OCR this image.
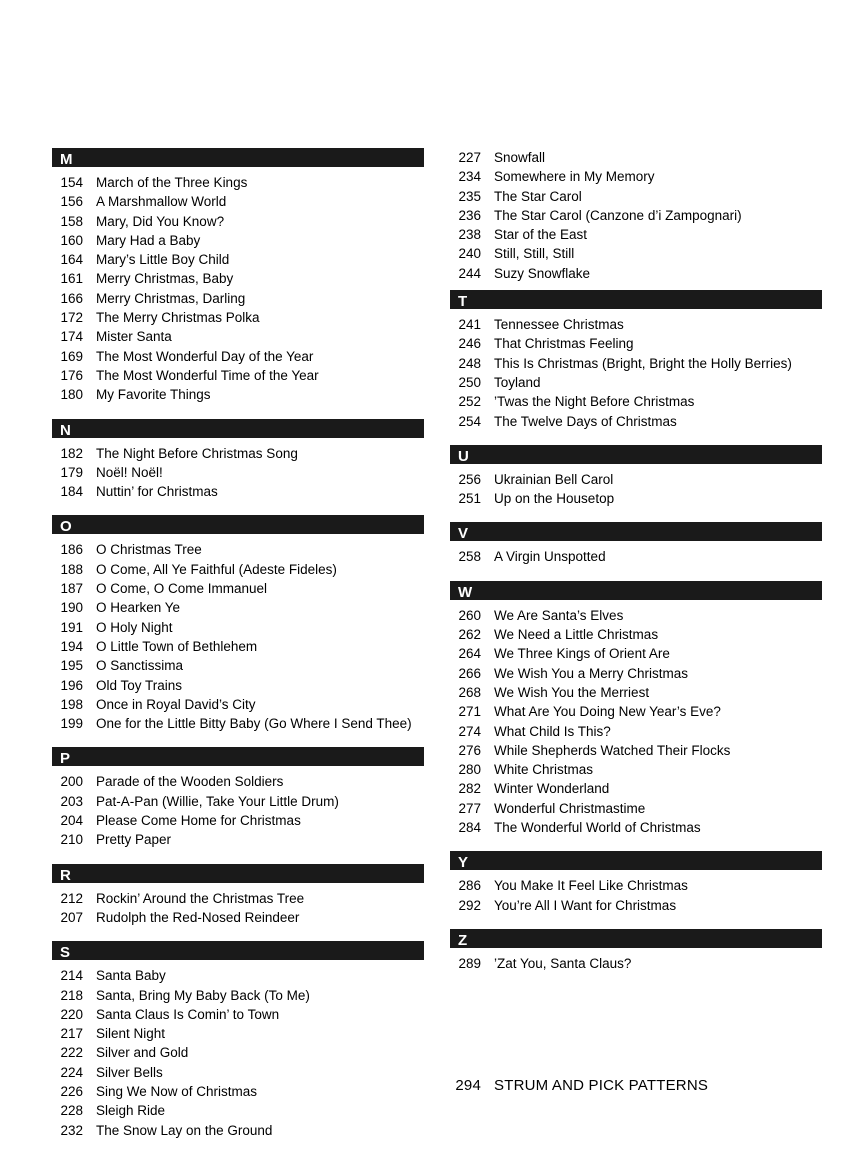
M
154 March of the Three Kings
156 A Marshmallow World
158 Mary, Did You Know?
160 Mary Had a Baby
164 Mary’s Little Boy Child
161 Merry Christmas, Baby
166 Merry Christmas, Darling
172 The Merry Christmas Polka
174 Mister Santa
169 The Most Wonderful Day of the Year
176 The Most Wonderful Time of the Year
180 My Favorite Things
N
182 The Night Before Christmas Song
179 Noël! Noël!
184 Nuttin’ for Christmas
O
186 O Christmas Tree
188 O Come, All Ye Faithful (Adeste Fideles)
187 O Come, O Come Immanuel
190 O Hearken Ye
191 O Holy Night
194 O Little Town of Bethlehem
195 O Sanctissima
196 Old Toy Trains
198 Once in Royal David’s City
199 One for the Little Bitty Baby (Go Where I Send Thee)
P
200 Parade of the Wooden Soldiers
203 Pat-A-Pan (Willie, Take Your Little Drum)
204 Please Come Home for Christmas
210 Pretty Paper
R
212 Rockin’ Around the Christmas Tree
207 Rudolph the Red-Nosed Reindeer
S
214 Santa Baby
218 Santa, Bring My Baby Back (To Me)
220 Santa Claus Is Comin’ to Town
217 Silent Night
222 Silver and Gold
224 Silver Bells
226 Sing We Now of Christmas
228 Sleigh Ride
232 The Snow Lay on the Ground
227 Snowfall
234 Somewhere in My Memory
235 The Star Carol
236 The Star Carol (Canzone d’i Zampognari)
238 Star of the East
240 Still, Still, Still
244 Suzy Snowflake
T
241 Tennessee Christmas
246 That Christmas Feeling
248 This Is Christmas (Bright, Bright the Holly Berries)
250 Toyland
252 ’Twas the Night Before Christmas
254 The Twelve Days of Christmas
U
256 Ukrainian Bell Carol
251 Up on the Housetop
V
258 A Virgin Unspotted
W
260 We Are Santa’s Elves
262 We Need a Little Christmas
264 We Three Kings of Orient Are
266 We Wish You a Merry Christmas
268 We Wish You the Merriest
271 What Are You Doing New Year’s Eve?
274 What Child Is This?
276 While Shepherds Watched Their Flocks
280 White Christmas
282 Winter Wonderland
277 Wonderful Christmastime
284 The Wonderful World of Christmas
Y
286 You Make It Feel Like Christmas
292 You’re All I Want for Christmas
Z
289 ’Zat You, Santa Claus?
294 STRUM AND PICK PATTERNS
